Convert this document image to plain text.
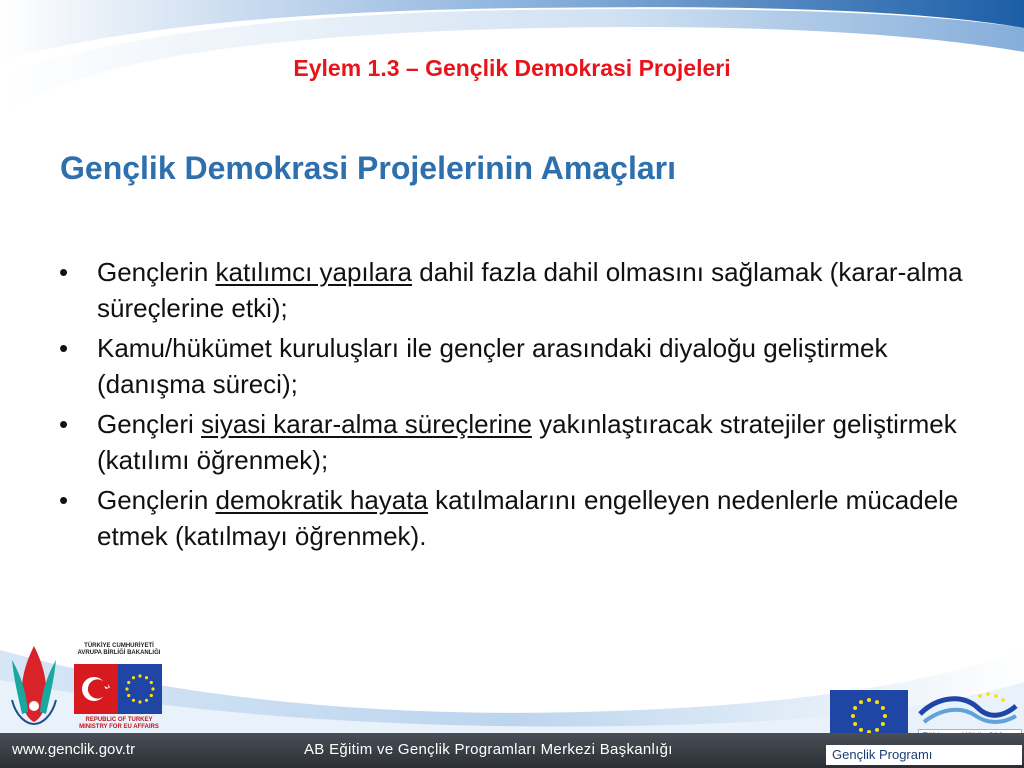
Eylem 1.3 – Gençlik Demokrasi Projeleri
Gençlik Demokrasi Projelerinin Amaçları
• Gençlerin katılımcı yapılara dahil fazla dahil olmasını sağlamak (karar-alma süreçlerine etki);
• Kamu/hükümet kuruluşları ile gençler arasındaki diyaloğu geliştirmek (danışma süreci);
• Gençleri siyasi karar-alma süreçlerine yakınlaştıracak stratejiler geliştirmek (katılımı öğrenmek);
• Gençlerin demokratik hayata katılmalarını engelleyen nedenlerle mücadele etmek (katılmayı öğrenmek).
TÜRKİYE CUMHURİYETİ
AVRUPA BİRLİĞİ BAKANLIĞI
REPUBLIC OF TURKEY
MINISTRY FOR EU AFFAIRS
www.genclik.gov.tr	AB Eğitim ve Gençlik Programları Merkezi Başkanlığı	Gençlik Programı
